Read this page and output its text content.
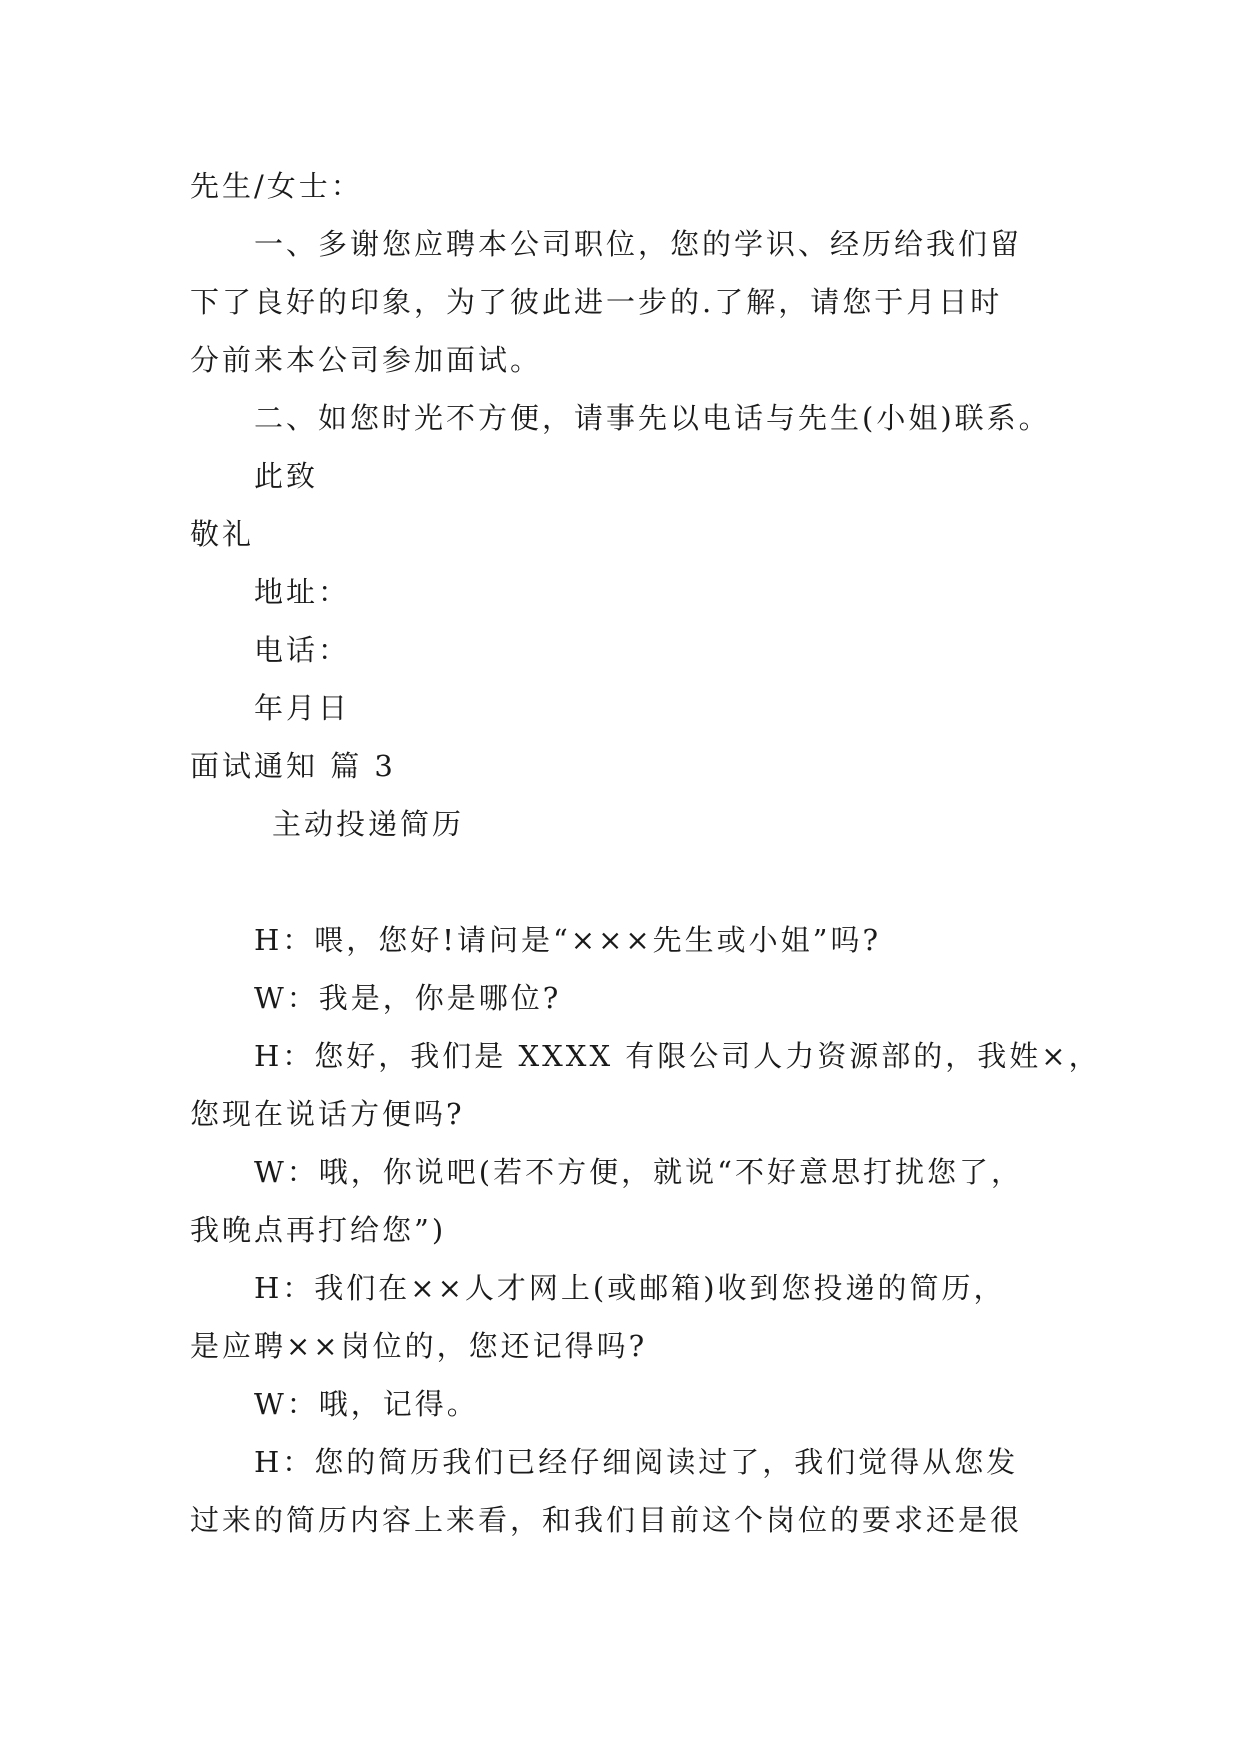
先生/女士：
一、多谢您应聘本公司职位，您的学识、经历给我们留
下了良好的印象，为了彼此进一步的.了解，请您于月日时
分前来本公司参加面试。
二、如您时光不方便，请事先以电话与先生(小姐)联系。
此致
敬礼
地址：
电话：
年月日
面试通知 篇 3
主动投递简历
H：喂，您好!请问是“×××先生或小姐”吗?
W：我是，你是哪位?
H：您好，我们是 XXXX 有限公司人力资源部的，我姓×，
您现在说话方便吗?
W：哦，你说吧(若不方便，就说“不好意思打扰您了，
我晚点再打给您”)
H：我们在××人才网上(或邮箱)收到您投递的简历，
是应聘××岗位的，您还记得吗?
W：哦，记得。
H：您的简历我们已经仔细阅读过了，我们觉得从您发
过来的简历内容上来看，和我们目前这个岗位的要求还是很
